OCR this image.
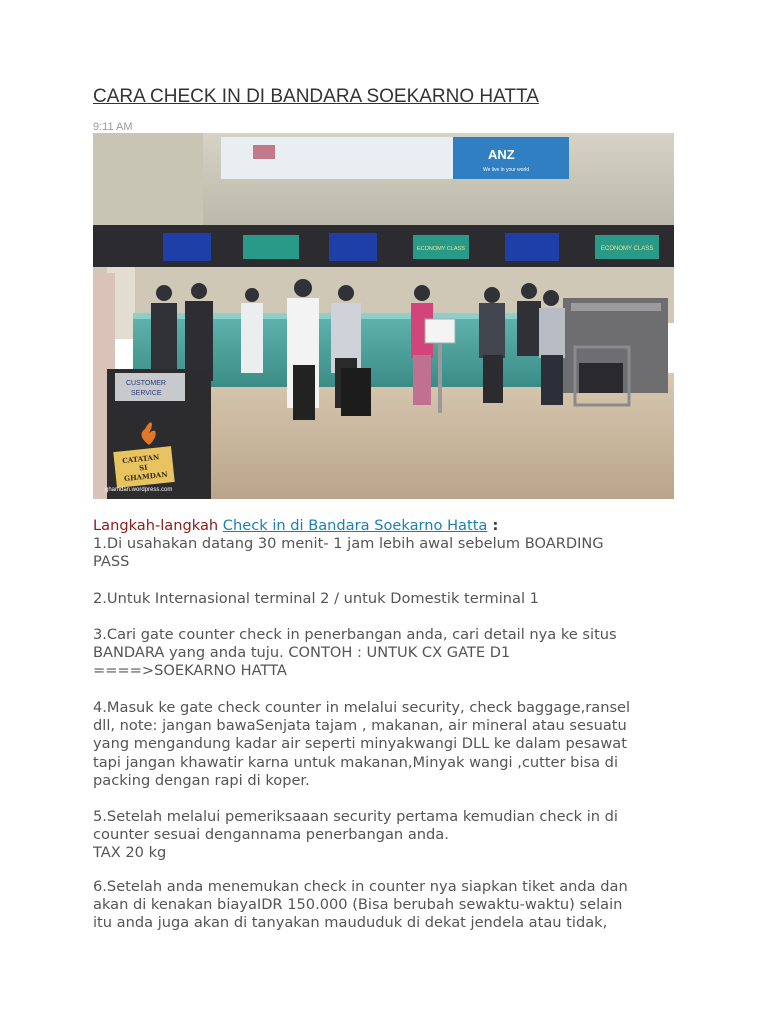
CARA CHECK IN DI BANDARA SOEKARNO HATTA
9:11 AM
ANZ
We live in your world
ECONOMY CLASS	ECONOMY CLASS
CUSTOMER
SERVICE
CATATAN
SI
GHAMDAN
ghamdan.wordpress.com
Langkah-langkah Check in di Bandara Soekarno Hatta :
1.Di usahakan datang 30 menit- 1 jam lebih awal sebelum BOARDING
PASS
2.Untuk Internasional terminal 2 / untuk Domestik terminal 1
3.Cari gate counter check in penerbangan anda, cari detail nya ke situs
BANDARA yang anda tuju. CONTOH : UNTUK CX GATE D1
====>SOEKARNO HATTA
4.Masuk ke gate check counter in melalui security, check baggage,ransel
dll, note: jangan bawaSenjata tajam , makanan, air mineral atau sesuatu
yang mengandung kadar air seperti minyakwangi DLL ke dalam pesawat
tapi jangan khawatir karna untuk makanan,Minyak wangi ,cutter bisa di
packing dengan rapi di koper.
5.Setelah melalui pemeriksaaan security pertama kemudian check in di
counter sesuai dengannama penerbangan anda.
TAX 20 kg
6.Setelah anda menemukan check in counter nya siapkan tiket anda dan
akan di kenakan biayaIDR 150.000 (Bisa berubah sewaktu-waktu) selain
itu anda juga akan di tanyakan maududuk di dekat jendela atau tidak,
